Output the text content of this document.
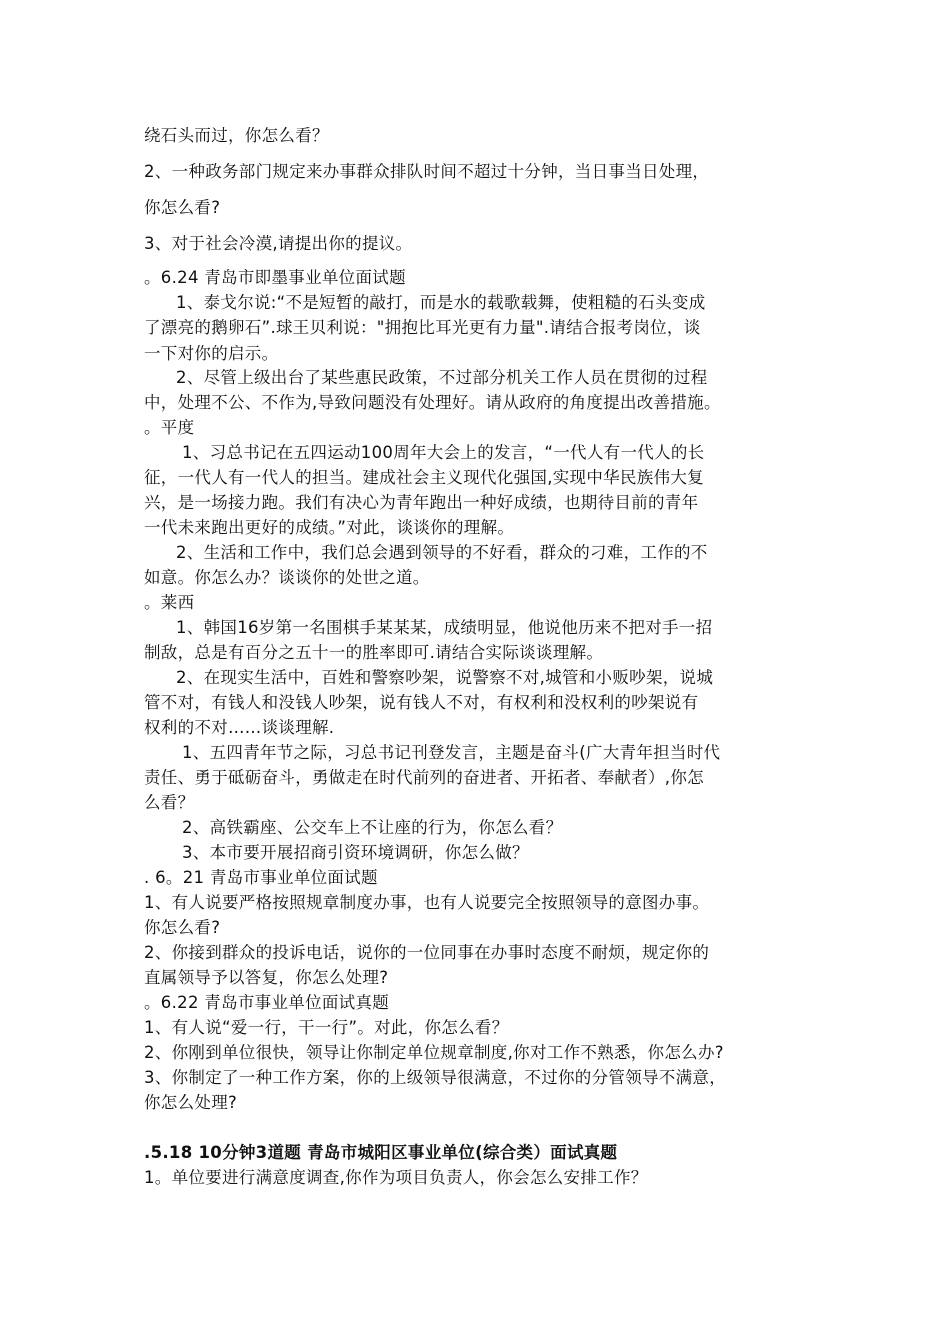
绕石头而过，你怎么看？

2、一种政务部门规定来办事群众排队时间不超过十分钟，当日事当日处理，

你怎么看?

3、对于社会冷漠,请提出你的提议。

。6.24 青岛市即墨事业单位面试题

1、泰戈尔说:“不是短暂的敲打，而是水的载歌载舞，使粗糙的石头变成

了漂亮的鹅卵石”.球王贝利说："拥抱比耳光更有力量".请结合报考岗位，谈

一下对你的启示。

2、尽管上级出台了某些惠民政策，不过部分机关工作人员在贯彻的过程

中，处理不公、不作为,导致问题没有处理好。请从政府的角度提出改善措施。

。平度

1、习总书记在五四运动100周年大会上的发言，“一代人有一代人的长

征，一代人有一代人的担当。建成社会主义现代化强国,实现中华民族伟大复

兴，是一场接力跑。我们有决心为青年跑出一种好成绩，也期待目前的青年

一代未来跑出更好的成绩。”对此，谈谈你的理解。

2、生活和工作中，我们总会遇到领导的不好看，群众的刁难，工作的不

如意。你怎么办？谈谈你的处世之道。

。莱西

1、韩国16岁第一名围棋手某某某，成绩明显，他说他历来不把对手一招

制敌，总是有百分之五十一的胜率即可.请结合实际谈谈理解。

2、在现实生活中，百姓和警察吵架，说警察不对,城管和小贩吵架，说城

管不对，有钱人和没钱人吵架，说有钱人不对，有权利和没权利的吵架说有

权利的不对……谈谈理解.

1、五四青年节之际，习总书记刊登发言，主题是奋斗(广大青年担当时代

责任、勇于砥砺奋斗，勇做走在时代前列的奋进者、开拓者、奉献者）,你怎

么看？

2、高铁霸座、公交车上不让座的行为，你怎么看？

3、本市要开展招商引资环境调研，你怎么做？

. 6。21 青岛市事业单位面试题

1、有人说要严格按照规章制度办事，也有人说要完全按照领导的意图办事。

你怎么看?

2、你接到群众的投诉电话，说你的一位同事在办事时态度不耐烦，规定你的

直属领导予以答复，你怎么处理?

。6.22 青岛市事业单位面试真题

1、有人说“爱一行，干一行”。对此，你怎么看？

2、你刚到单位很快，领导让你制定单位规章制度,你对工作不熟悉，你怎么办?

3、你制定了一种工作方案，你的上级领导很满意，不过你的分管领导不满意，

你怎么处理?

.5.18 10分钟3道题 青岛市城阳区事业单位(综合类）面试真题

1。单位要进行满意度调查,你作为项目负责人，你会怎么安排工作？
